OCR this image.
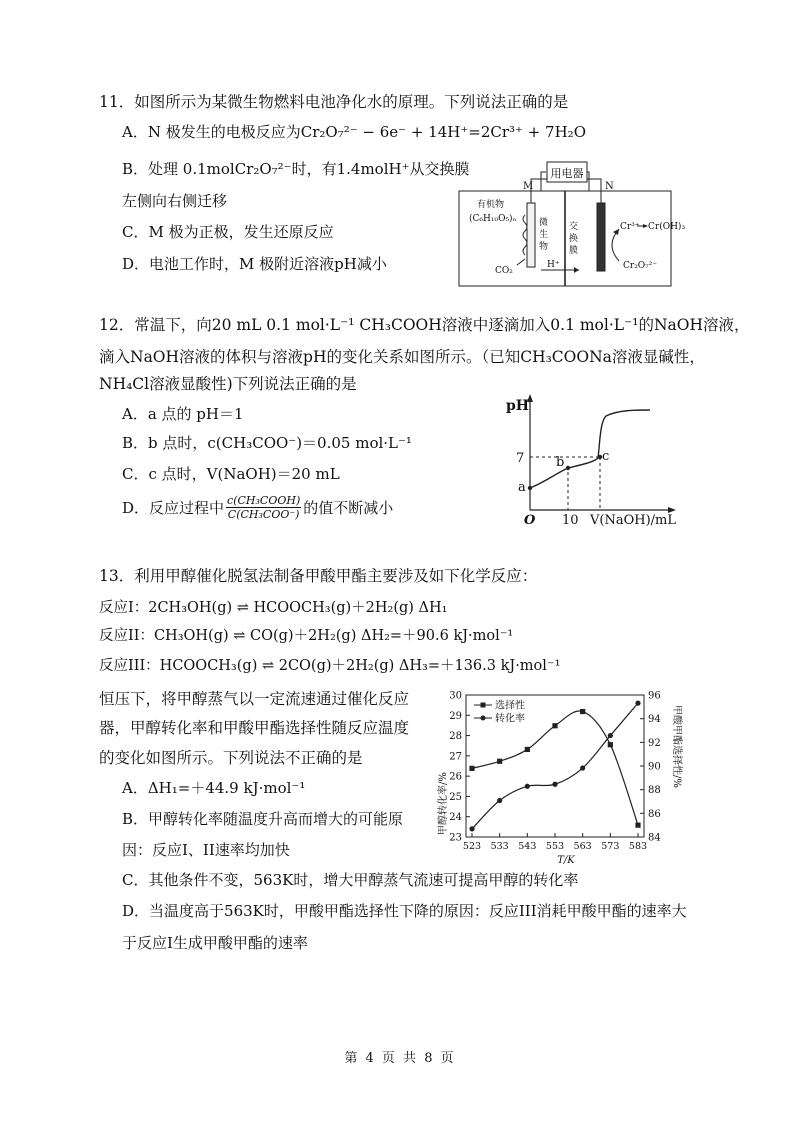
11．如图所示为某微生物燃料电池净化水的原理。下列说法正确的是
A．N 极发生的电极反应为Cr₂O₇²⁻ − 6e⁻ + 14H⁺=2Cr³⁺ + 7H₂O
B．处理 0.1molCr₂O₇²⁻时，有1.4molH⁺从交换膜
左侧向右侧迁移
C．M 极为正极，发生还原反应
D．电池工作时，M 极附近溶液pH减小
用电器
M	N
有机物
(C₆H₁₀O₅)ₙ	微
生
物
CO₂
交
换
膜
H⁺
Cr³⁺ Cr(OH)₃
Cr₂O₇²⁻
12．常温下，向20 mL 0.1 mol·L⁻¹ CH₃COOH溶液中逐滴加入0.1 mol·L⁻¹的NaOH溶液，
滴入NaOH溶液的体积与溶液pH的变化关系如图所示。（已知CH₃COONa溶液显碱性，
NH₄Cl溶液显酸性)下列说法正确的是
A．a 点的 pH＝1
B．b 点时，c(CH₃COO⁻)＝0.05 mol·L⁻¹
C．c 点时，V(NaOH)＝20 mL
D．反应过程中 $\frac{\text{c(CH₃COOH)}}{\text{C(CH₃COO⁻)}}$ 的值不断减小
pH
7
O 10 V(NaOH)/mL
a
b	c
13．利用甲醇催化脱氢法制备甲酸甲酯主要涉及如下化学反应：
反应I：2CH₃OH(g) ⇌ HCOOCH₃(g)＋2H₂(g) ΔH₁
反应II：CH₃OH(g) ⇌ CO(g)＋2H₂(g) ΔH₂=＋90.6 kJ·mol⁻¹
反应III：HCOOCH₃(g) ⇌ 2CO(g)＋2H₂(g) ΔH₃=＋136.3 kJ·mol⁻¹
恒压下，将甲醇蒸气以一定流速通过催化反应
器，甲醇转化率和甲酸甲酯选择性随反应温度
的变化如图所示。下列说法不正确的是
A．ΔH₁=＋44.9 kJ·mol⁻¹
B．甲醇转化率随温度升高而增大的可能原
因：反应I、II速率均加快
C．其他条件不变，563K时，增大甲醇蒸气流速可提高甲醇的转化率
D．当温度高于563K时，甲酸甲酯选择性下降的原因：反应III消耗甲酸甲酯的速率大
于反应I生成甲酸甲酯的速率
23
24
25
26
27
28
29
30
84
86
88
90
92
94
96
523 533 543 553 563 573 583
选择性
转化率
甲醇转化率/%
甲酸甲酯选择性/%
T/K
第 4 页 共 8 页
